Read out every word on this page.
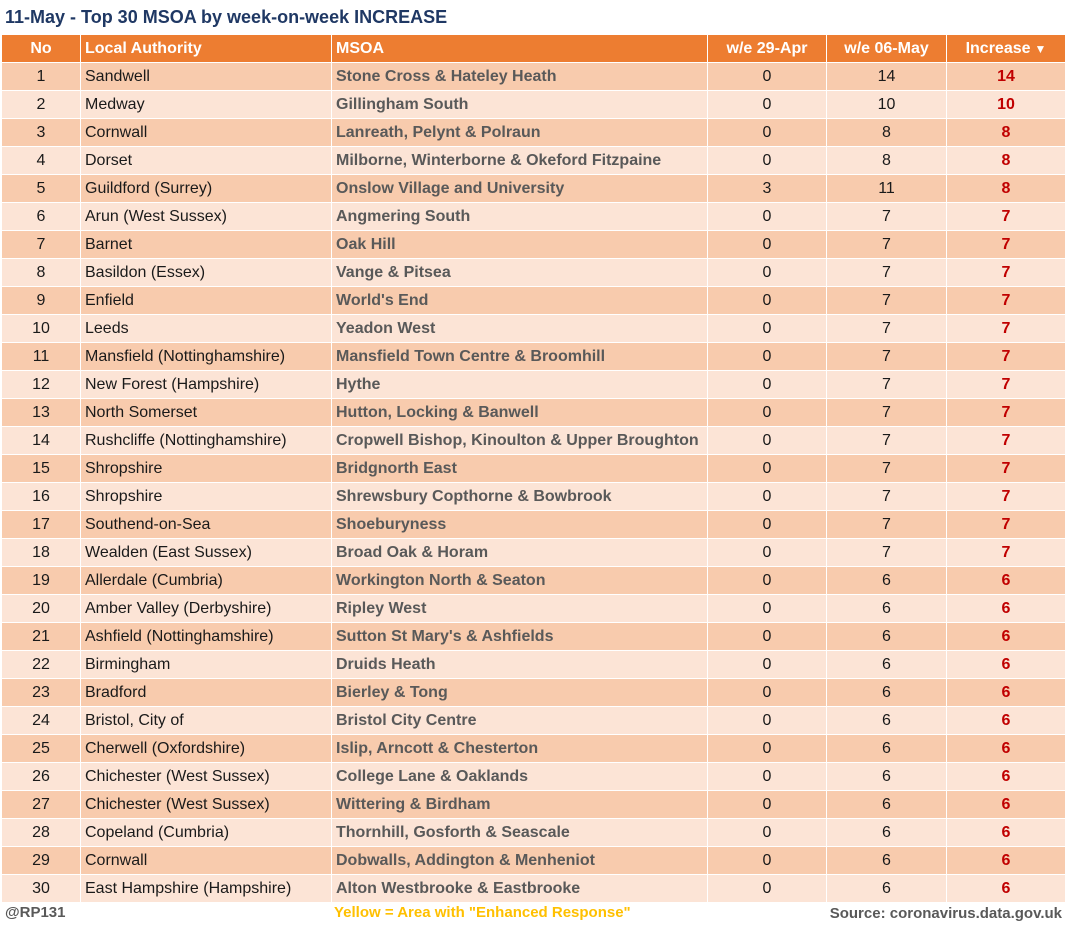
11-May - Top 30 MSOA by week-on-week INCREASE
No	Local Authority	MSOA	w/e 29-Apr	w/e 06-May	Increase ▼
1	Sandwell	Stone Cross & Hateley Heath	0	14	14
2	Medway	Gillingham South	0	10	10
3	Cornwall	Lanreath, Pelynt & Polraun	0	8	8
4	Dorset	Milborne, Winterborne & Okeford Fitzpaine	0	8	8
5	Guildford (Surrey)	Onslow Village and University	3	11	8
6	Arun (West Sussex)	Angmering South	0	7	7
7	Barnet	Oak Hill	0	7	7
8	Basildon (Essex)	Vange & Pitsea	0	7	7
9	Enfield	World's End	0	7	7
10	Leeds	Yeadon West	0	7	7
11	Mansfield (Nottinghamshire)	Mansfield Town Centre & Broomhill	0	7	7
12	New Forest (Hampshire)	Hythe	0	7	7
13	North Somerset	Hutton, Locking & Banwell	0	7	7
14	Rushcliffe (Nottinghamshire)	Cropwell Bishop, Kinoulton & Upper Broughton	0	7	7
15	Shropshire	Bridgnorth East	0	7	7
16	Shropshire	Shrewsbury Copthorne & Bowbrook	0	7	7
17	Southend-on-Sea	Shoeburyness	0	7	7
18	Wealden (East Sussex)	Broad Oak & Horam	0	7	7
19	Allerdale (Cumbria)	Workington North & Seaton	0	6	6
20	Amber Valley (Derbyshire)	Ripley West	0	6	6
21	Ashfield (Nottinghamshire)	Sutton St Mary's & Ashfields	0	6	6
22	Birmingham	Druids Heath	0	6	6
23	Bradford	Bierley & Tong	0	6	6
24	Bristol, City of	Bristol City Centre	0	6	6
25	Cherwell (Oxfordshire)	Islip, Arncott & Chesterton	0	6	6
26	Chichester (West Sussex)	College Lane & Oaklands	0	6	6
27	Chichester (West Sussex)	Wittering & Birdham	0	6	6
28	Copeland (Cumbria)	Thornhill, Gosforth & Seascale	0	6	6
29	Cornwall	Dobwalls, Addington & Menheniot	0	6	6
30	East Hampshire (Hampshire)	Alton Westbrooke & Eastbrooke	0	6	6
@RP131	Yellow = Area with "Enhanced Response"	Source: coronavirus.data.gov.uk
